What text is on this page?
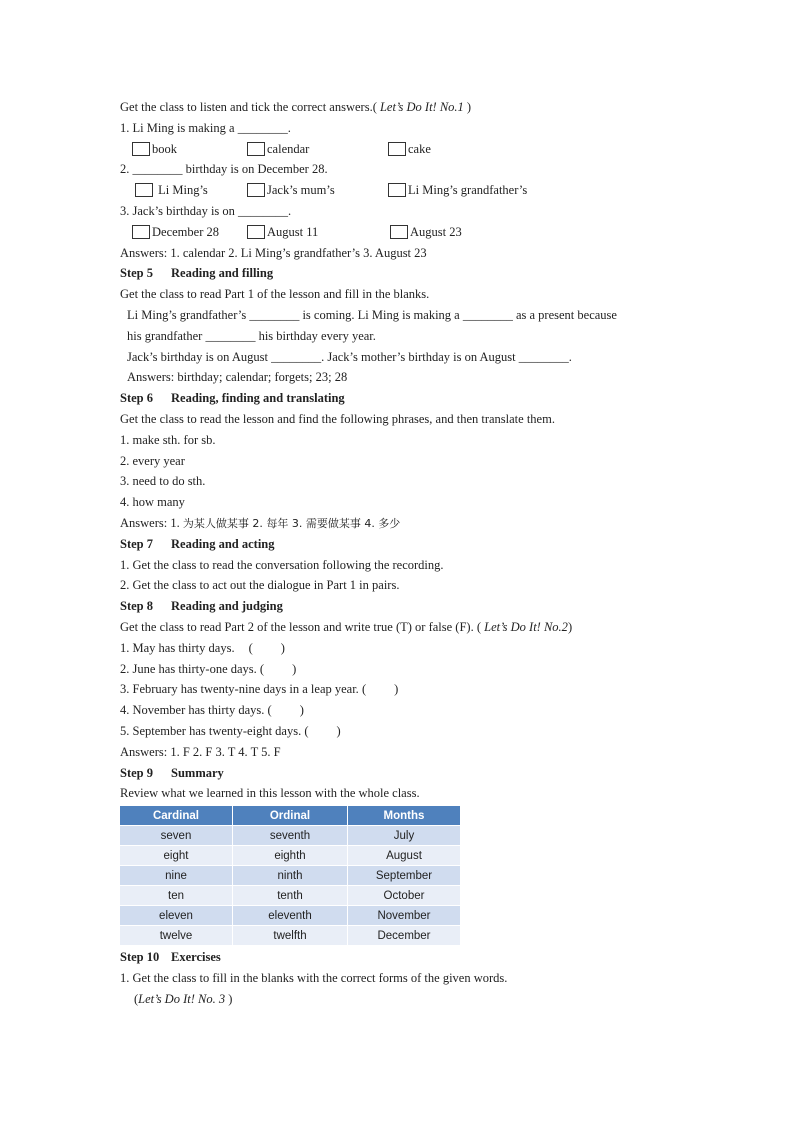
Get the class to listen and tick the correct answers.( Let’s Do It! No.1 )
1. Li Ming is making a ________.
book	calendar	cake
2. ________ birthday is on December 28.
Li Ming’s	Jack’s mum’s	Li Ming’s grandfather’s
3. Jack’s birthday is on ________.
December 28	August 11	August 23
Answers: 1. calendar 2. Li Ming’s grandfather’s 3. August 23
Step 5 Reading and filling
Get the class to read Part 1 of the lesson and fill in the blanks.
Li Ming’s grandfather’s ________ is coming. Li Ming is making a ________ as a present because
his grandfather ________ his birthday every year.
Jack’s birthday is on August ________. Jack’s mother’s birthday is on August ________.
Answers: birthday; calendar; forgets; 23; 28
Step 6 Reading, finding and translating
Get the class to read the lesson and find the following phrases, and then translate them.
1. make sth. for sb.
2. every year
3. need to do sth.
4. how many
Answers: 1. 为某人做某事 2. 每年 3. 需要做某事 4. 多少
Step 7 Reading and acting
1. Get the class to read the conversation following the recording.
2. Get the class to act out the dialogue in Part 1 in pairs.
Step 8 Reading and judging
Get the class to read Part 2 of the lesson and write true (T) or false (F). ( Let’s Do It! No.2)
1. May has thirty days. ( )
2. June has thirty-one days. ( )
3. February has twenty-nine days in a leap year. ( )
4. November has thirty days. ( )
5. September has twenty-eight days. ( )
Answers: 1. F 2. F 3. T 4. T 5. F
Step 9 Summary
Review what we learned in this lesson with the whole class.
Cardinal	Ordinal	Months
seven	seventh	July
eight	eighth	August
nine	ninth	September
ten	tenth	October
eleven	eleventh	November
twelve	twelfth	December
Step 10 Exercises
1. Get the class to fill in the blanks with the correct forms of the given words.
(Let’s Do It! No. 3 )
